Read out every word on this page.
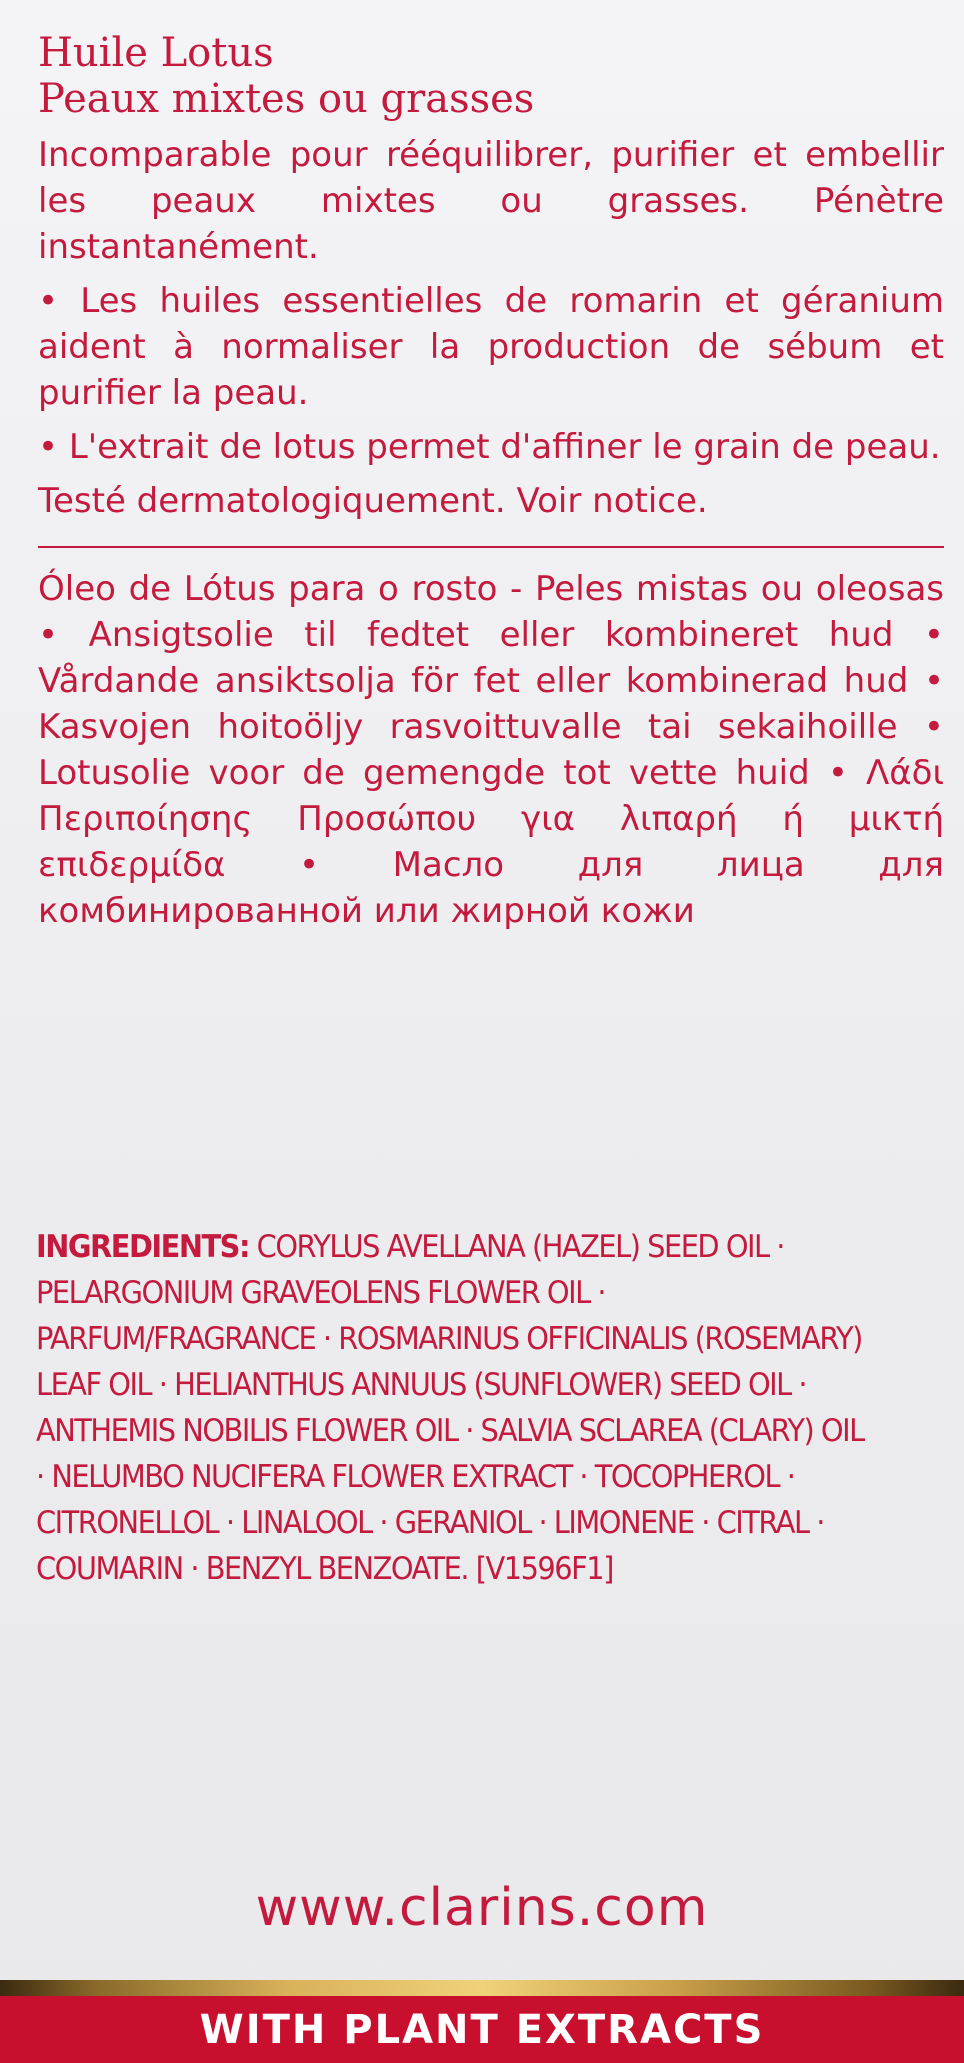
Huile Lotus
Peaux mixtes ou grasses

Incomparable pour rééquilibrer, purifier et embellir les peaux mixtes ou grasses. Pénètre instantanément.

• Les huiles essentielles de romarin et géranium aident à normaliser la production de sébum et purifier la peau.

• L'extrait de lotus permet d'affiner le grain de peau.

Testé dermatologiquement. Voir notice.

Óleo de Lótus para o rosto - Peles mistas ou oleosas • Ansigtsolie til fedtet eller kombineret hud • Vårdande ansiktsolja för fet eller kombinerad hud • Kasvojen hoitoöljy rasvoittuvalle tai sekaihoille • Lotusolie voor de gemengde tot vette huid • Λάδι Περιποίησης Προσώπου για λιπαρή ή μικτή επιδερμίδα • Масло для лица для комбинированной или жирной кожи

INGREDIENTS: CORYLUS AVELLANA (HAZEL) SEED OIL · PELARGONIUM GRAVEOLENS FLOWER OIL · PARFUM/FRAGRANCE · ROSMARINUS OFFICINALIS (ROSEMARY) LEAF OIL · HELIANTHUS ANNUUS (SUNFLOWER) SEED OIL · ANTHEMIS NOBILIS FLOWER OIL · SALVIA SCLAREA (CLARY) OIL · NELUMBO NUCIFERA FLOWER EXTRACT · TOCOPHEROL · CITRONELLOL · LINALOOL · GERANIOL · LIMONENE · CITRAL · COUMARIN · BENZYL BENZOATE. [V1596F1]

www.clarins.com

WITH PLANT EXTRACTS
